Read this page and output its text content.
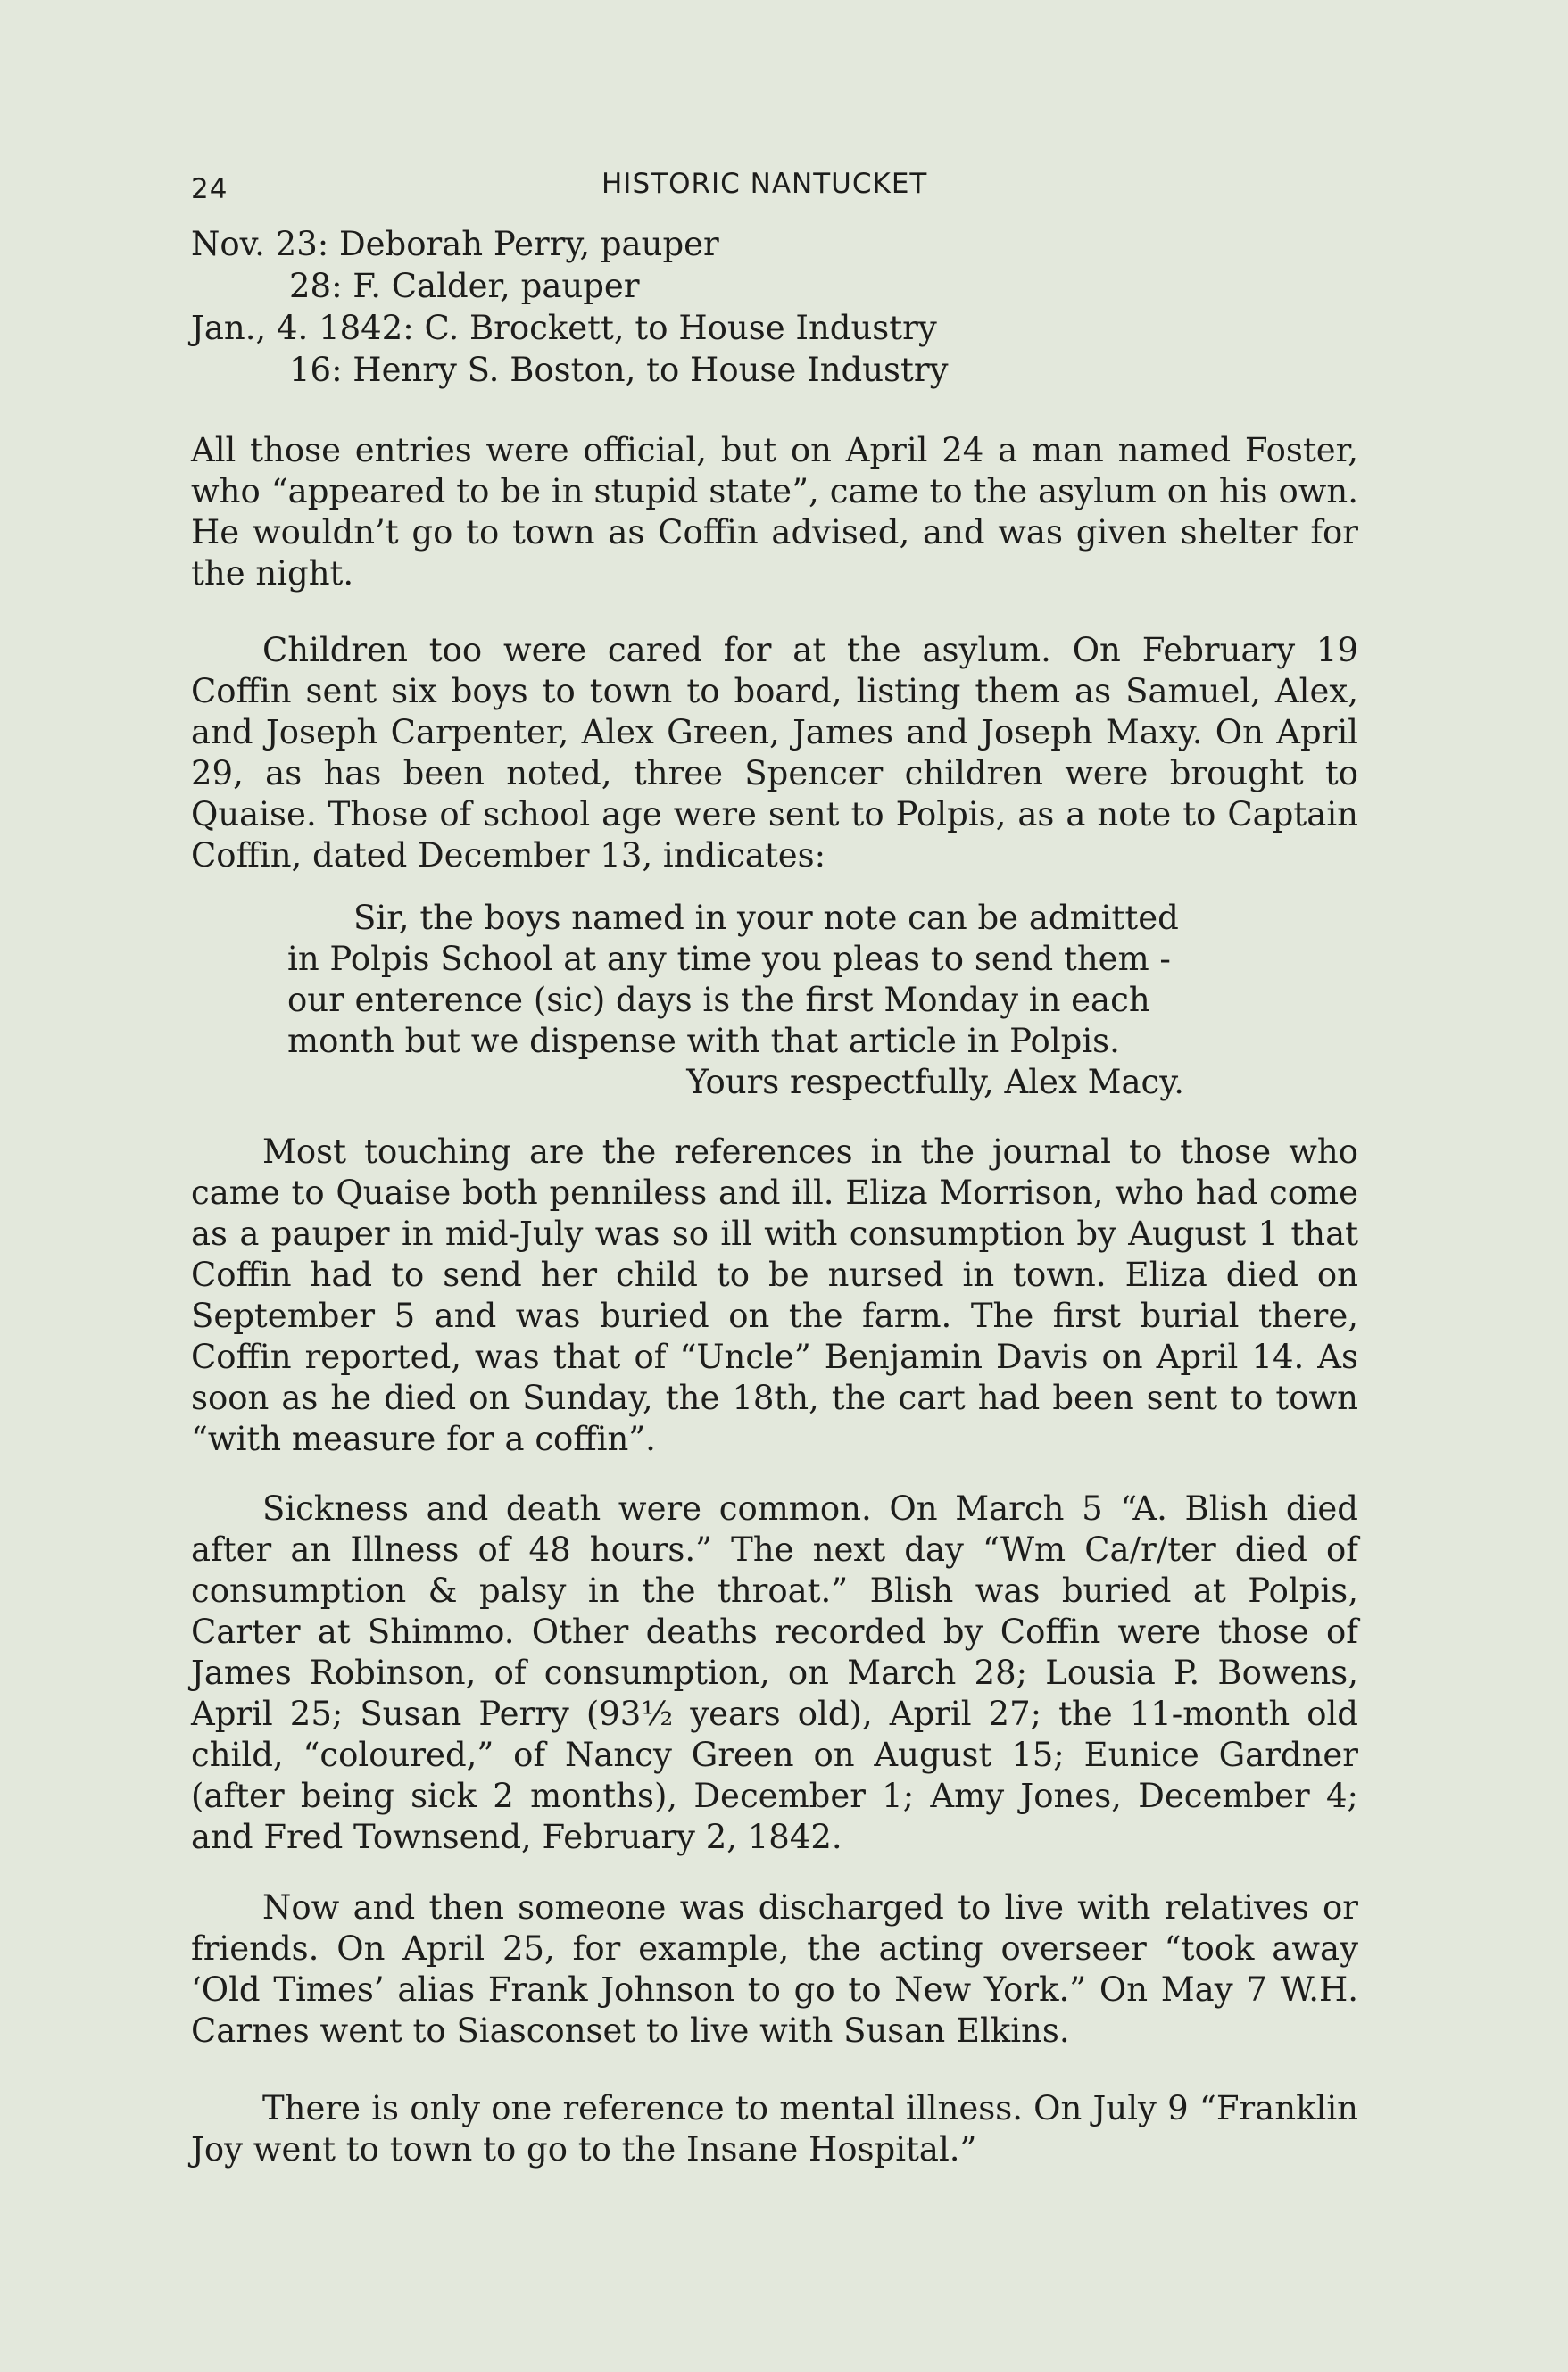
24	HISTORIC NANTUCKET
Nov. 23: Deborah Perry, pauper
28: F. Calder, pauper
Jan., 4. 1842: C. Brockett, to House Industry
16: Henry S. Boston, to House Industry

All those entries were official, but on April 24 a man named Foster, who “appeared to be in stupid state”, came to the asylum on his own. He wouldn’t go to town as Coffin advised, and was given shelter for the night.

Children too were cared for at the asylum. On February 19 Coffin sent six boys to town to board, listing them as Samuel, Alex, and Joseph Carpenter, Alex Green, James and Joseph Maxy. On April 29, as has been noted, three Spencer children were brought to Quaise. Those of school age were sent to Polpis, as a note to Captain Coffin, dated December 13, indicates:

Sir, the boys named in your note can be admitted
in Polpis School at any time you pleas to send them -
our enterence (sic) days is the first Monday in each
month but we dispense with that article in Polpis.
Yours respectfully, Alex Macy.

Most touching are the references in the journal to those who came to Quaise both penniless and ill. Eliza Morrison, who had come as a pauper in mid-July was so ill with consumption by August 1 that Coffin had to send her child to be nursed in town. Eliza died on September 5 and was buried on the farm. The first burial there, Coffin reported, was that of “Uncle” Benjamin Davis on April 14. As soon as he died on Sunday, the 18th, the cart had been sent to town “with measure for a coffin”.

Sickness and death were common. On March 5 “A. Blish died after an Illness of 48 hours.” The next day “Wm Ca/r/ter died of consumption & palsy in the throat.” Blish was buried at Polpis, Carter at Shimmo. Other deaths recorded by Coffin were those of James Robinson, of consumption, on March 28; Lousia P. Bowens, April 25; Susan Perry (93½ years old), April 27; the 11-month old child, “coloured,” of Nancy Green on August 15; Eunice Gardner (after being sick 2 months), December 1; Amy Jones, December 4; and Fred Townsend, February 2, 1842.

Now and then someone was discharged to live with relatives or friends. On April 25, for example, the acting overseer “took away ‘Old Times’ alias Frank Johnson to go to New York.” On May 7 W.H. Carnes went to Siasconset to live with Susan Elkins.

There is only one reference to mental illness. On July 9 “Franklin Joy went to town to go to the Insane Hospital.”
